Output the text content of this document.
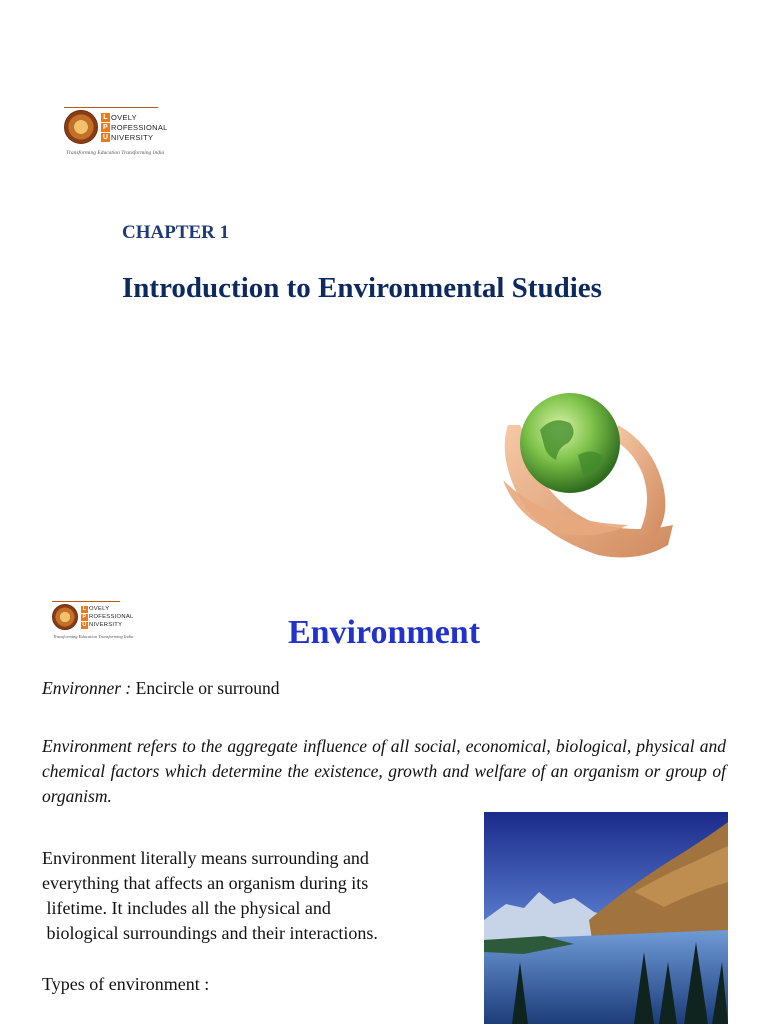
L OVELY
P ROFESSIONAL
U NIVERSITY
Transforming Education Transforming India
CHAPTER 1
Introduction to Environmental Studies
L OVELY
P ROFESSIONAL
U NIVERSITY
Transforming Education Transforming India	Environment

Environner : Encircle or surround

Environment refers to the aggregate influence of all social, economical, biological, physical and chemical factors which determine the existence, growth and welfare of an organism or group of organism.

Environment literally means surrounding and
everything that affects an organism during its
lifetime. It includes all the physical and
biological surroundings and their interactions.

Types of environment :
